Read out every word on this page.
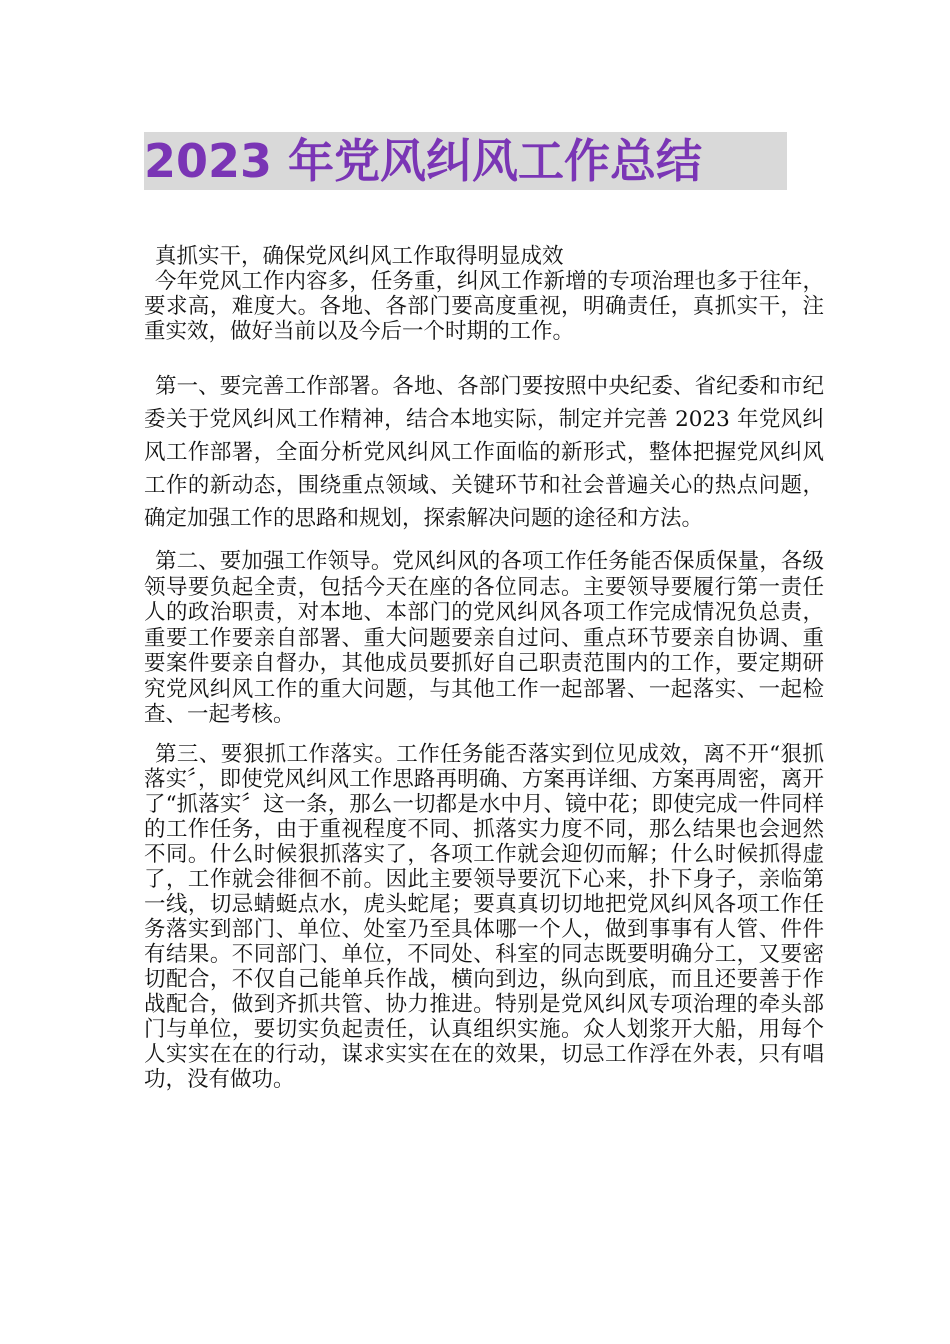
2023 年党风纠风工作总结

真抓实干，确保党风纠风工作取得明显成效

今年党风工作内容多，任务重，纠风工作新增的专项治理也多于往年，要求高，难度大。各地、各部门要高度重视，明确责任，真抓实干，注重实效，做好当前以及今后一个时期的工作。

第一、要完善工作部署。各地、各部门要按照中央纪委、省纪委和市纪委关于党风纠风工作精神，结合本地实际，制定并完善 2023 年党风纠风工作部署，全面分析党风纠风工作面临的新形式，整体把握党风纠风工作的新动态，围绕重点领域、关键环节和社会普遍关心的热点问题，确定加强工作的思路和规划，探索解决问题的途径和方法。

第二、要加强工作领导。党风纠风的各项工作任务能否保质保量，各级领导要负起全责，包括今天在座的各位同志。主要领导要履行第一责任人的政治职责，对本地、本部门的党风纠风各项工作完成情况负总责，重要工作要亲自部署、重大问题要亲自过问、重点环节要亲自协调、重要案件要亲自督办，其他成员要抓好自己职责范围内的工作，要定期研究党风纠风工作的重大问题，与其他工作一起部署、一起落实、一起检查、一起考核。

第三、要狠抓工作落实。工作任务能否落实到位见成效，离不开“狠抓落实〞，即使党风纠风工作思路再明确、方案再详细、方案再周密，离开了“抓落实〞这一条，那么一切都是水中月、镜中花；即使完成一件同样的工作任务，由于重视程度不同、抓落实力度不同，那么结果也会迥然不同。什么时候狠抓落实了，各项工作就会迎仞而解；什么时候抓得虚了，工作就会徘徊不前。因此主要领导要沉下心来，扑下身子，亲临第一线，切忌蜻蜓点水，虎头蛇尾；要真真切切地把党风纠风各项工作任务落实到部门、单位、处室乃至具体哪一个人，做到事事有人管、件件有结果。不同部门、单位，不同处、科室的同志既要明确分工，又要密切配合，不仅自己能单兵作战，横向到边，纵向到底，而且还要善于作战配合，做到齐抓共管、协力推进。特别是党风纠风专项治理的牵头部门与单位，要切实负起责任，认真组织实施。众人划浆开大船，用每个人实实在在的行动，谋求实实在在的效果，切忌工作浮在外表，只有唱功，没有做功。
